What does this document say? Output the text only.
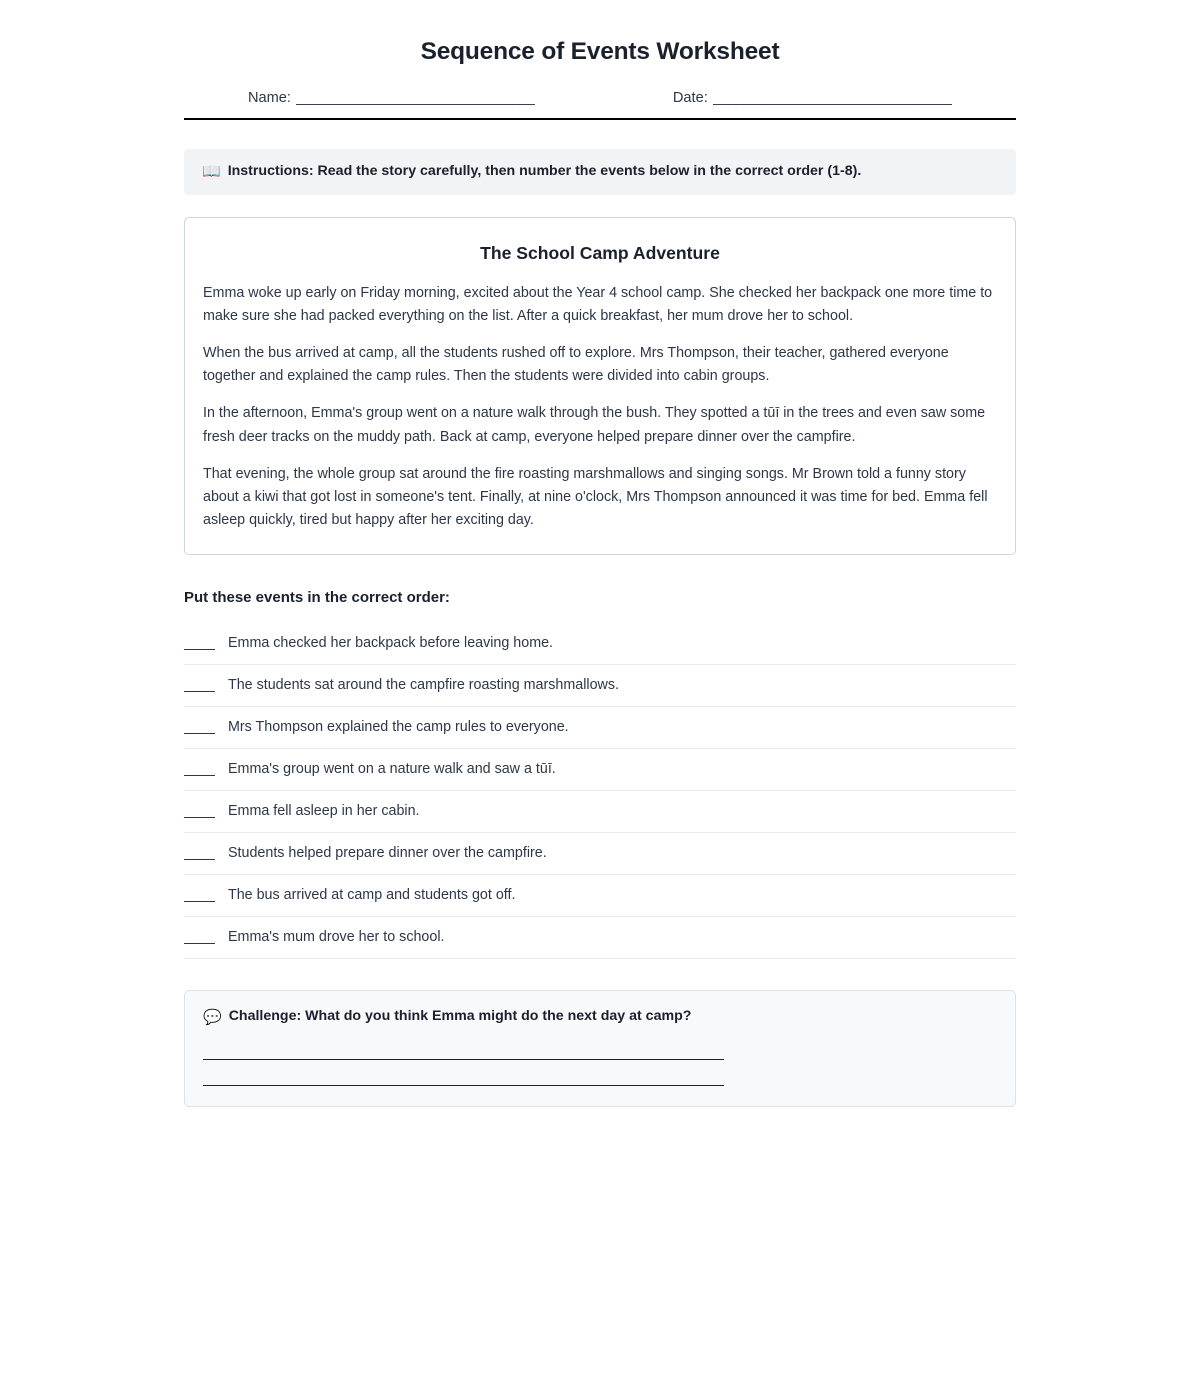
Sequence of Events Worksheet
Name: _______________________________	Date: _______________________________
📖 Instructions: Read the story carefully, then number the events below in the correct order (1-8).
The School Camp Adventure

Emma woke up early on Friday morning, excited about the Year 4 school camp. She checked her backpack one more time to make sure she had packed everything on the list. After a quick breakfast, her mum drove her to school.

When the bus arrived at camp, all the students rushed off to explore. Mrs Thompson, their teacher, gathered everyone together and explained the camp rules. Then the students were divided into cabin groups.

In the afternoon, Emma's group went on a nature walk through the bush. They spotted a tūī in the trees and even saw some fresh deer tracks on the muddy path. Back at camp, everyone helped prepare dinner over the campfire.

That evening, the whole group sat around the fire roasting marshmallows and singing songs. Mr Brown told a funny story about a kiwi that got lost in someone's tent. Finally, at nine o'clock, Mrs Thompson announced it was time for bed. Emma fell asleep quickly, tired but happy after her exciting day.

Put these events in the correct order:
Emma checked her backpack before leaving home.
The students sat around the campfire roasting marshmallows.
Mrs Thompson explained the camp rules to everyone.
Emma's group went on a nature walk and saw a tūī.
Emma fell asleep in her cabin.
Students helped prepare dinner over the campfire.
The bus arrived at camp and students got off.
Emma's mum drove her to school.
💬 Challenge: What do you think Emma might do the next day at camp?
